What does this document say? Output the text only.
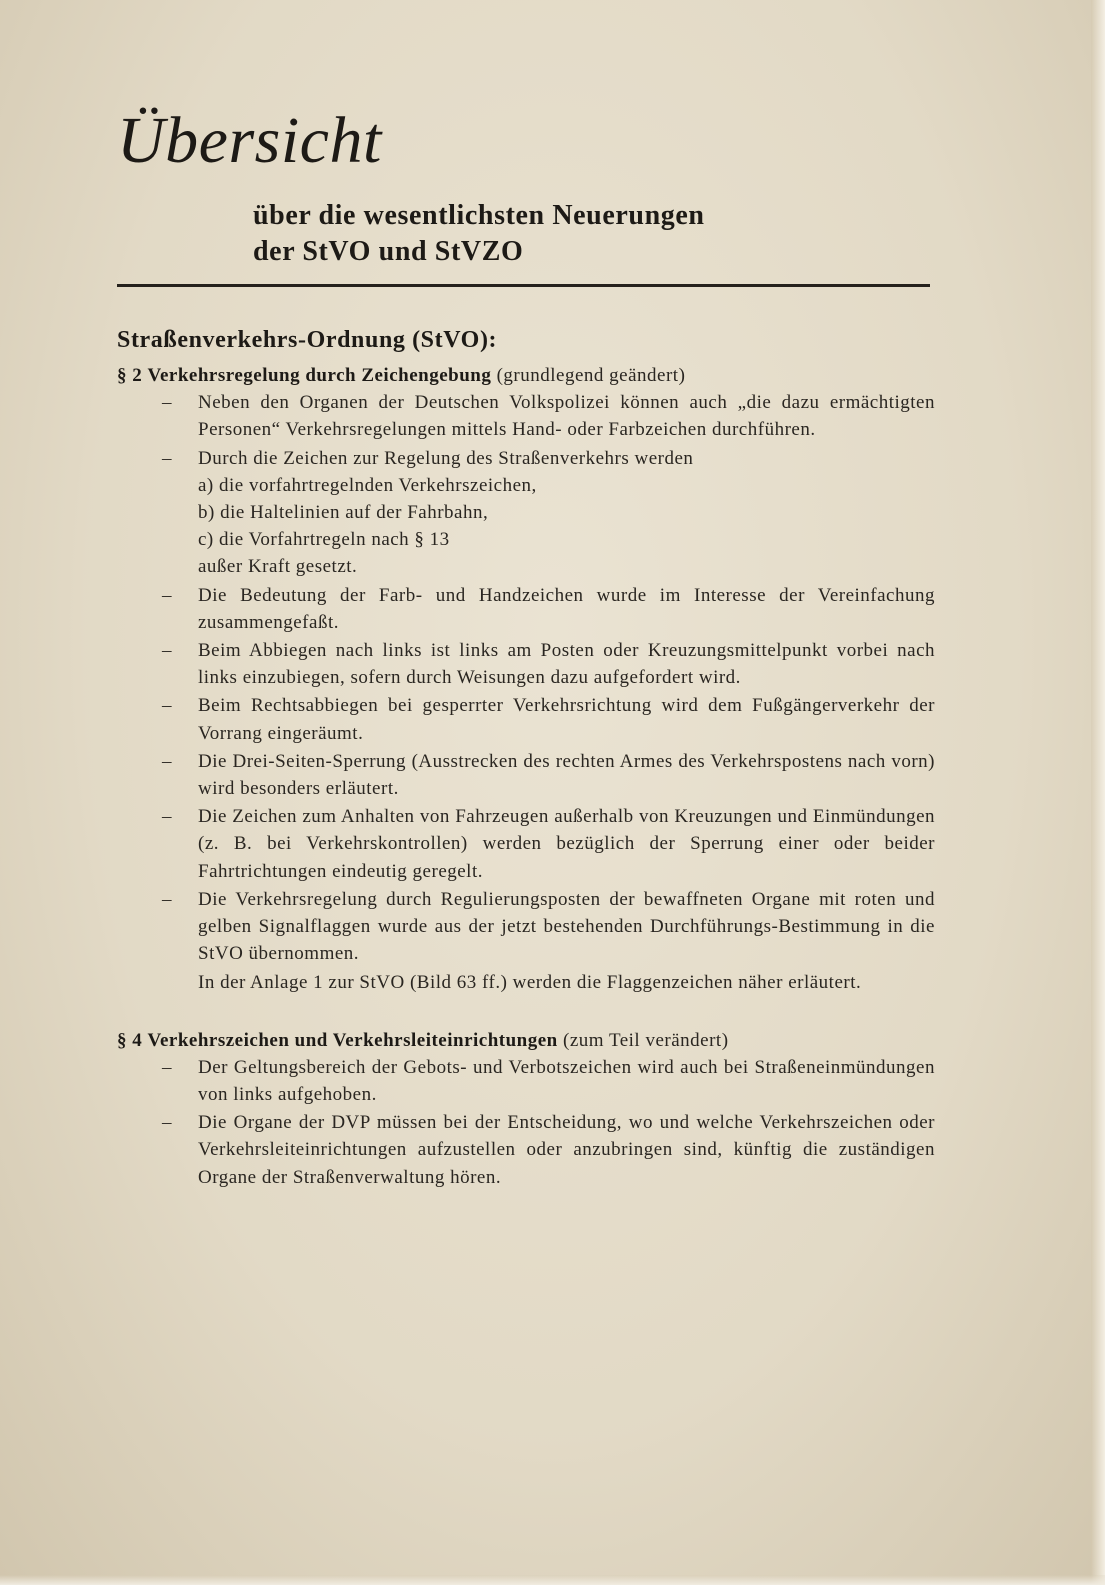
Übersicht
über die wesentlichsten Neuerungen
der StVO und StVZO
Straßenverkehrs-Ordnung (StVO):

§ 2 Verkehrsregelung durch Zeichengebung (grundlegend geändert)

– Neben den Organen der Deutschen Volkspolizei können auch „die dazu ermächtigten Personen“ Verkehrsregelungen mittels Hand- oder Farbzeichen durchführen.

– Durch die Zeichen zur Regelung des Straßenverkehrs werden

a) die vorfahrtregelnden Verkehrszeichen,

b) die Haltelinien auf der Fahrbahn,

c) die Vorfahrtregeln nach § 13

außer Kraft gesetzt.

– Die Bedeutung der Farb- und Handzeichen wurde im Interesse der Vereinfachung zusammengefaßt.

– Beim Abbiegen nach links ist links am Posten oder Kreuzungsmittelpunkt vorbei nach links einzubiegen, sofern durch Weisungen dazu aufgefordert wird.

– Beim Rechtsabbiegen bei gesperrter Verkehrsrichtung wird dem Fußgängerverkehr der Vorrang eingeräumt.

– Die Drei-Seiten-Sperrung (Ausstrecken des rechten Armes des Verkehrspostens nach vorn) wird besonders erläutert.

– Die Zeichen zum Anhalten von Fahrzeugen außerhalb von Kreuzungen und Einmündungen (z. B. bei Verkehrskontrollen) werden bezüglich der Sperrung einer oder beider Fahrtrichtungen eindeutig geregelt.

– Die Verkehrsregelung durch Regulierungsposten der bewaffneten Organe mit roten und gelben Signalflaggen wurde aus der jetzt bestehenden Durchführungs-Bestimmung in die StVO übernommen.

In der Anlage 1 zur StVO (Bild 63 ff.) werden die Flaggenzeichen näher erläutert.

§ 4 Verkehrszeichen und Verkehrsleiteinrichtungen (zum Teil verändert)

– Der Geltungsbereich der Gebots- und Verbotszeichen wird auch bei Straßeneinmündungen von links aufgehoben.

– Die Organe der DVP müssen bei der Entscheidung, wo und welche Verkehrszeichen oder Verkehrsleiteinrichtungen aufzustellen oder anzubringen sind, künftig die zuständigen Organe der Straßenverwaltung hören.
